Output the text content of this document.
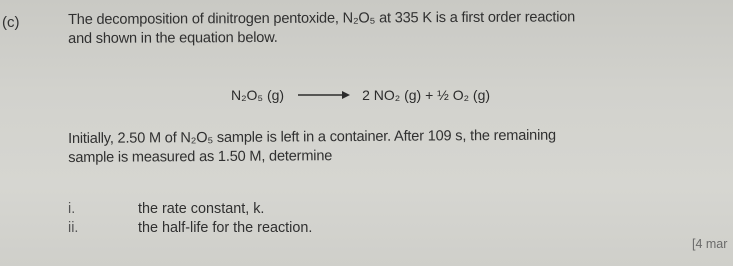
(c)	The decomposition of dinitrogen pentoxide, N₂O₅ at 335 K is a first order reaction
and shown in the equation below.
N₂O₅ (g) → 2 NO₂ (g) + ½ O₂ (g)
Initially, 2.50 M of N₂O₅ sample is left in a container. After 109 s, the remaining
sample is measured as 1.50 M, determine
i.	the rate constant, k.
ii.	the half-life for the reaction.
[4 mar
